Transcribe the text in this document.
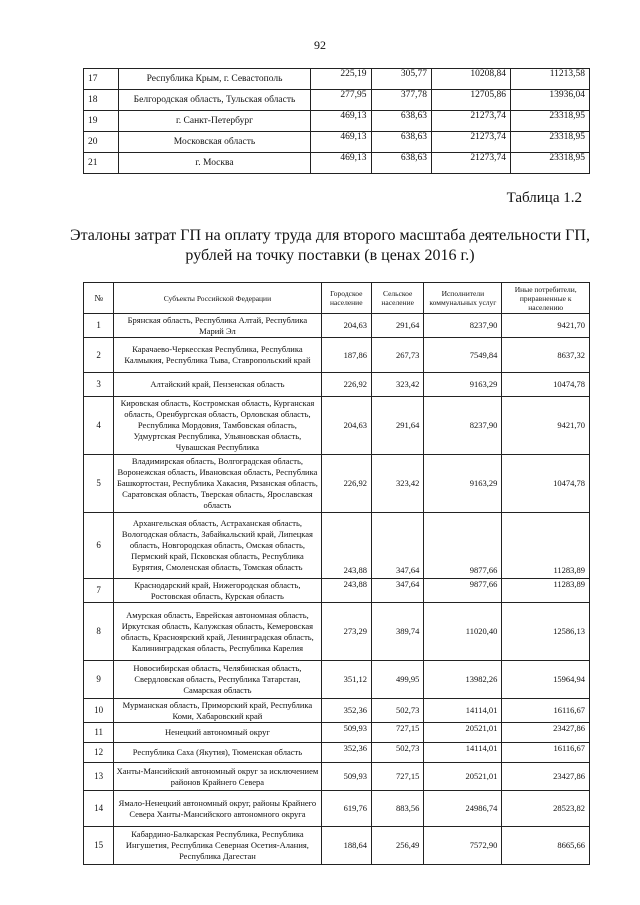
92
17	Республика Крым, г. Севастополь	225,19	305,77	10208,84	11213,58
18	Белгородская область, Тульская область	277,95	377,78	12705,86	13936,04
19	г. Санкт-Петербург	469,13	638,63	21273,74	23318,95
20	Московская область	469,13	638,63	21273,74	23318,95
21	г. Москва	469,13	638,63	21273,74	23318,95
Таблица 1.2
Эталоны затрат ГП на оплату труда для второго масштаба деятельности ГП,
рублей на точку поставки (в ценах 2016 г.)
№	Субъекты Российской Федерации	Городское население	Сельское население	Исполнители коммунальных услуг	Иные потребители, приравненные к населению
1	Брянская область, Республика Алтай, Республика Марий Эл	204,63	291,64	8237,90	9421,70
2	Карачаево-Черкесская Республика, Республика Калмыкия, Республика Тыва, Ставропольский край	187,86	267,73	7549,84	8637,32
3	Алтайский край, Пензенская область	226,92	323,42	9163,29	10474,78
4	Кировская область, Костромская область, Курганская область, Оренбургская область, Орловская область, Республика Мордовия, Тамбовская область, Удмуртская Республика, Ульяновская область, Чувашская Республика	204,63	291,64	8237,90	9421,70
5	Владимирская область, Волгоградская область, Воронежская область, Ивановская область, Республика Башкортостан, Республика Хакасия, Рязанская область, Саратовская область, Тверская область, Ярославская область	226,92	323,42	9163,29	10474,78
6	Архангельская область, Астраханская область, Вологодская область, Забайкальский край, Липецкая область, Новгородская область, Омская область, Пермский край, Псковская область, Республика Бурятия, Смоленская область, Томская область	243,88	347,64	9877,66	11283,89
7	Краснодарский край, Нижегородская область, Ростовская область, Курская область	243,88	347,64	9877,66	11283,89
8	Амурская область, Еврейская автономная область, Иркутская область, Калужская область, Кемеровская область, Красноярский край, Ленинградская область, Калининградская область, Республика Карелия	273,29	389,74	11020,40	12586,13
9	Новосибирская область, Челябинская область, Свердловская область, Республика Татарстан, Самарская область	351,12	499,95	13982,26	15964,94
10	Мурманская область, Приморский край, Республика Коми, Хабаровский край	352,36	502,73	14114,01	16116,67
11	Ненецкий автономный округ	509,93	727,15	20521,01	23427,86
12	Республика Саха (Якутия), Тюменская область	352,36	502,73	14114,01	16116,67
13	Ханты-Мансийский автономный округ за исключением районов Крайнего Севера	509,93	727,15	20521,01	23427,86
14	Ямало-Ненецкий автономный округ, районы Крайнего Севера Ханты-Мансийского автономного округа	619,76	883,56	24986,74	28523,82
15	Кабардино-Балкарская Республика, Республика Ингушетия, Республика Северная Осетия-Алания, Республика Дагестан	188,64	256,49	7572,90	8665,66
